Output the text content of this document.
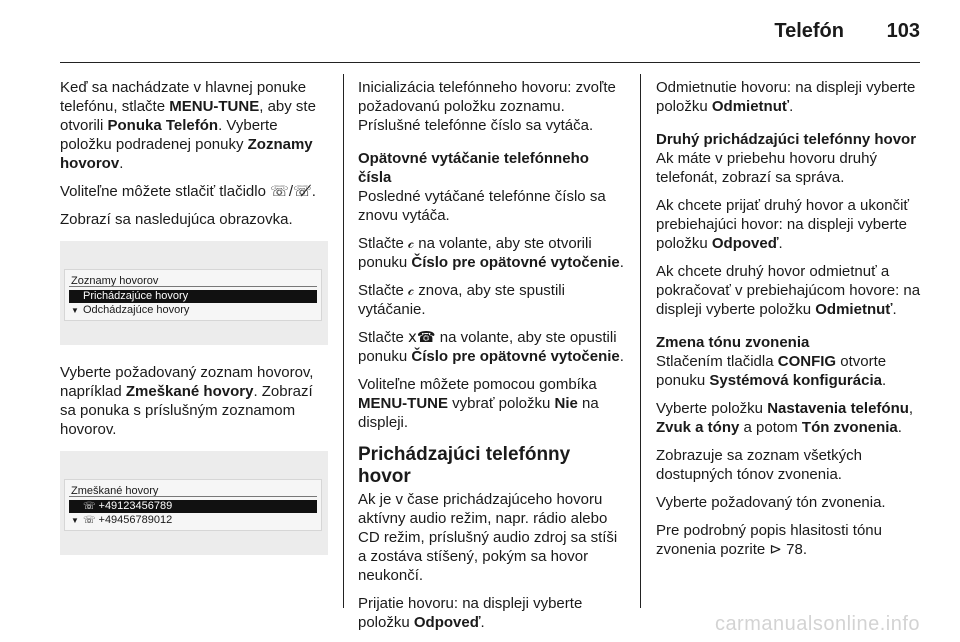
Telefón 103

Keď sa nachádzate v hlavnej ponuke telefónu, stlačte MENU-TUNE, aby ste otvorili Ponuka Telefón. Vyberte položku podradenej ponuky Zoznamy hovorov.

Voliteľne môžete stlačiť tlačidlo ☏/☏̸.

Zobrazí sa nasledujúca obrazovka.

Zoznamy hovorov
Prichádzajúce hovory
▼ Odchádzajúce hovory

Vyberte požadovaný zoznam hovorov, napríklad Zmeškané hovory. Zobrazí sa ponuka s príslušným zoznamom hovorov.

Zmeškané hovory
☏ +49123456789
▼ ☏ +49456789012

Inicializácia telefónneho hovoru: zvoľte požadovanú položku zoznamu. Príslušné telefónne číslo sa vytáča.

Opätovné vytáčanie telefónneho čísla

Posledné vytáčané telefónne číslo sa znovu vytáča.

Stlačte 𝒸 na volante, aby ste otvorili ponuku Číslo pre opätovné vytočenie.

Stlačte 𝒸 znova, aby ste spustili vytáčanie.

Stlačte ⅹ☎ na volante, aby ste opustili ponuku Číslo pre opätovné vytočenie.

Voliteľne môžete pomocou gombíka MENU-TUNE vybrať položku Nie na displeji.

Prichádzajúci telefónny hovor

Ak je v čase prichádzajúceho hovoru aktívny audio režim, napr. rádio alebo CD režim, príslušný audio zdroj sa stíši a zostáva stíšený, pokým sa hovor neukončí.

Prijatie hovoru: na displeji vyberte položku Odpoveď.

Odmietnutie hovoru: na displeji vyberte položku Odmietnuť.

Druhý prichádzajúci telefónny hovor

Ak máte v priebehu hovoru druhý telefonát, zobrazí sa správa.

Ak chcete prijať druhý hovor a ukončiť prebiehajúci hovor: na displeji vyberte položku Odpoveď.

Ak chcete druhý hovor odmietnuť a pokračovať v prebiehajúcom hovore: na displeji vyberte položku Odmietnuť.

Zmena tónu zvonenia

Stlačením tlačidla CONFIG otvorte ponuku Systémová konfigurácia.

Vyberte položku Nastavenia telefónu, Zvuk a tóny a potom Tón zvonenia.

Zobrazuje sa zoznam všetkých dostupných tónov zvonenia.

Vyberte požadovaný tón zvonenia.

Pre podrobný popis hlasitosti tónu zvonenia pozrite ⊳ 78.

carmanualsonline.info
